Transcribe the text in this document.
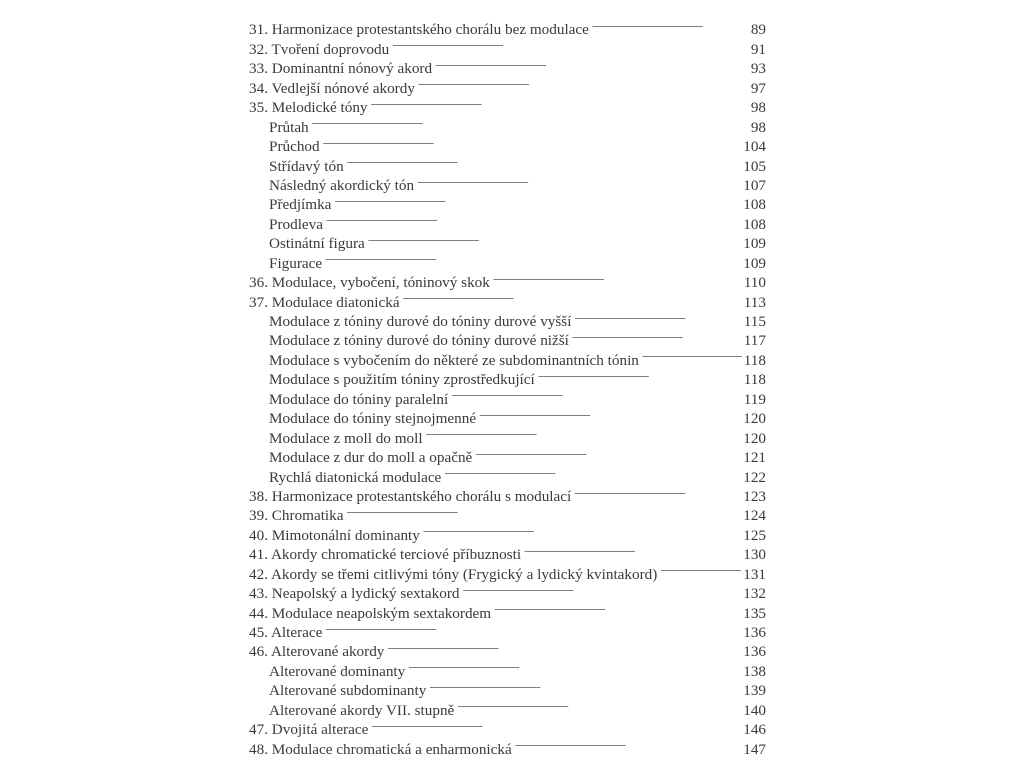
31. Harmonizace protestantského chorálu bez modulace . . .	89
32. Tvoření doprovodu . . .	91
33. Dominantní nónový akord . . .	93
34. Vedlejší nónové akordy . . .	97
35. Melodické tóny . . .	98
Průtah . . .	98
Průchod . . .	104
Střídavý tón . . .	105
Následný akordický tón . . .	107
Předjímka . . .	108
Prodleva . . .	108
Ostinátní figura . . .	109
Figurace . . .	109
36. Modulace, vybočení, tóninový skok . . .	110
37. Modulace diatonická . . .	113
Modulace z tóniny durové do tóniny durové vyšší . . .	115
Modulace z tóniny durové do tóniny durové nižší . . .	117
Modulace s vybočením do některé ze subdominantních tónin . . .	118
Modulace s použitím tóniny zprostředkující . . .	118
Modulace do tóniny paralelní . . .	119
Modulace do tóniny stejnojmenné . . .	120
Modulace z moll do moll . . .	120
Modulace z dur do moll a opačně . . .	121
Rychlá diatonická modulace . . .	122
38. Harmonizace protestantského chorálu s modulací . . .	123
39. Chromatika . . .	124
40. Mimotonální dominanty . . .	125
41. Akordy chromatické terciové příbuznosti . . .	130
42. Akordy se třemi citlivými tóny (Frygický a lydický kvintakord) . . .	131
43. Neapolský a lydický sextakord . . .	132
44. Modulace neapolským sextakordem . . .	135
45. Alterace . . .	136
46. Alterované akordy . . .	136
Alterované dominanty . . .	138
Alterované subdominanty . . .	139
Alterované akordy VII. stupně . . .	140
47. Dvojitá alterace . . .	146
48. Modulace chromatická a enharmonická . . .	147
